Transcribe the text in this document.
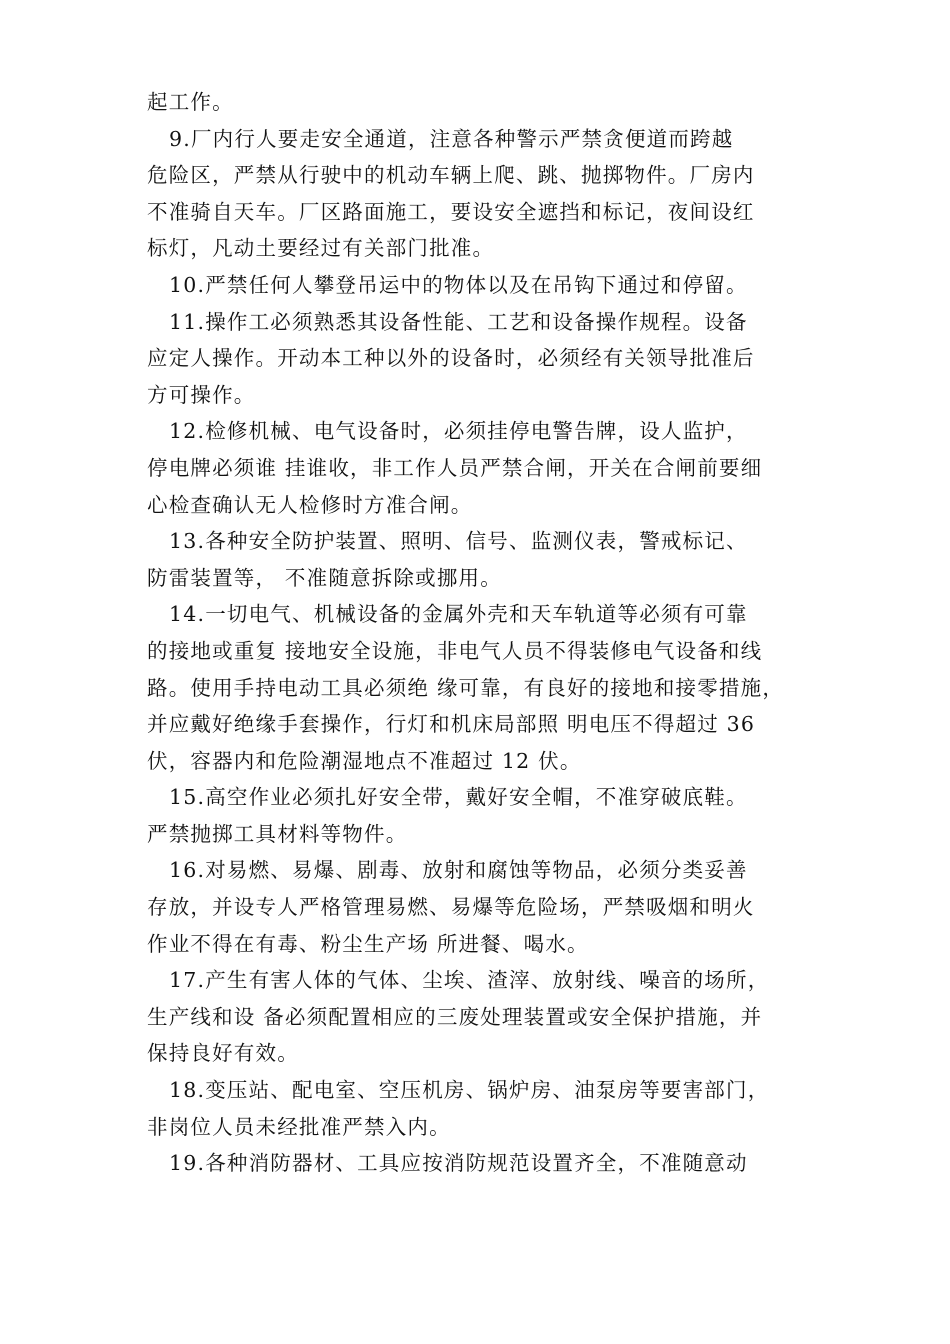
起工作。
9.厂内行人要走安全通道，注意各种警示严禁贪便道而跨越
危险区，严禁从行驶中的机动车辆上爬、跳、抛掷物件。厂房内
不准骑自天车。厂区路面施工，要设安全遮挡和标记，夜间设红
标灯，凡动土要经过有关部门批准。
10.严禁任何人攀登吊运中的物体以及在吊钩下通过和停留。
11.操作工必须熟悉其设备性能、工艺和设备操作规程。设备
应定人操作。开动本工种以外的设备时，必须经有关领导批准后
方可操作。
12.检修机械、电气设备时，必须挂停电警告牌，设人监护，
停电牌必须谁 挂谁收，非工作人员严禁合闸，开关在合闸前要细
心检查确认无人检修时方准合闸。
13.各种安全防护装置、照明、信号、监测仪表，警戒标记、
防雷装置等， 不准随意拆除或挪用。
14.一切电气、机械设备的金属外壳和天车轨道等必须有可靠
的接地或重复 接地安全设施，非电气人员不得装修电气设备和线
路。使用手持电动工具必须绝 缘可靠，有良好的接地和接零措施，
并应戴好绝缘手套操作，行灯和机床局部照 明电压不得超过 36
伏，容器内和危险潮湿地点不准超过 12 伏。
15.高空作业必须扎好安全带，戴好安全帽，不准穿破底鞋。
严禁抛掷工具材料等物件。
16.对易燃、易爆、剧毒、放射和腐蚀等物品，必须分类妥善
存放，并设专人严格管理易燃、易爆等危险场，严禁吸烟和明火
作业不得在有毒、粉尘生产场 所进餐、喝水。
17.产生有害人体的气体、尘埃、渣滓、放射线、噪音的场所，
生产线和设 备必须配置相应的三废处理装置或安全保护措施，并
保持良好有效。
18.变压站、配电室、空压机房、锅炉房、油泵房等要害部门，
非岗位人员未经批准严禁入内。
19.各种消防器材、工具应按消防规范设置齐全，不准随意动
